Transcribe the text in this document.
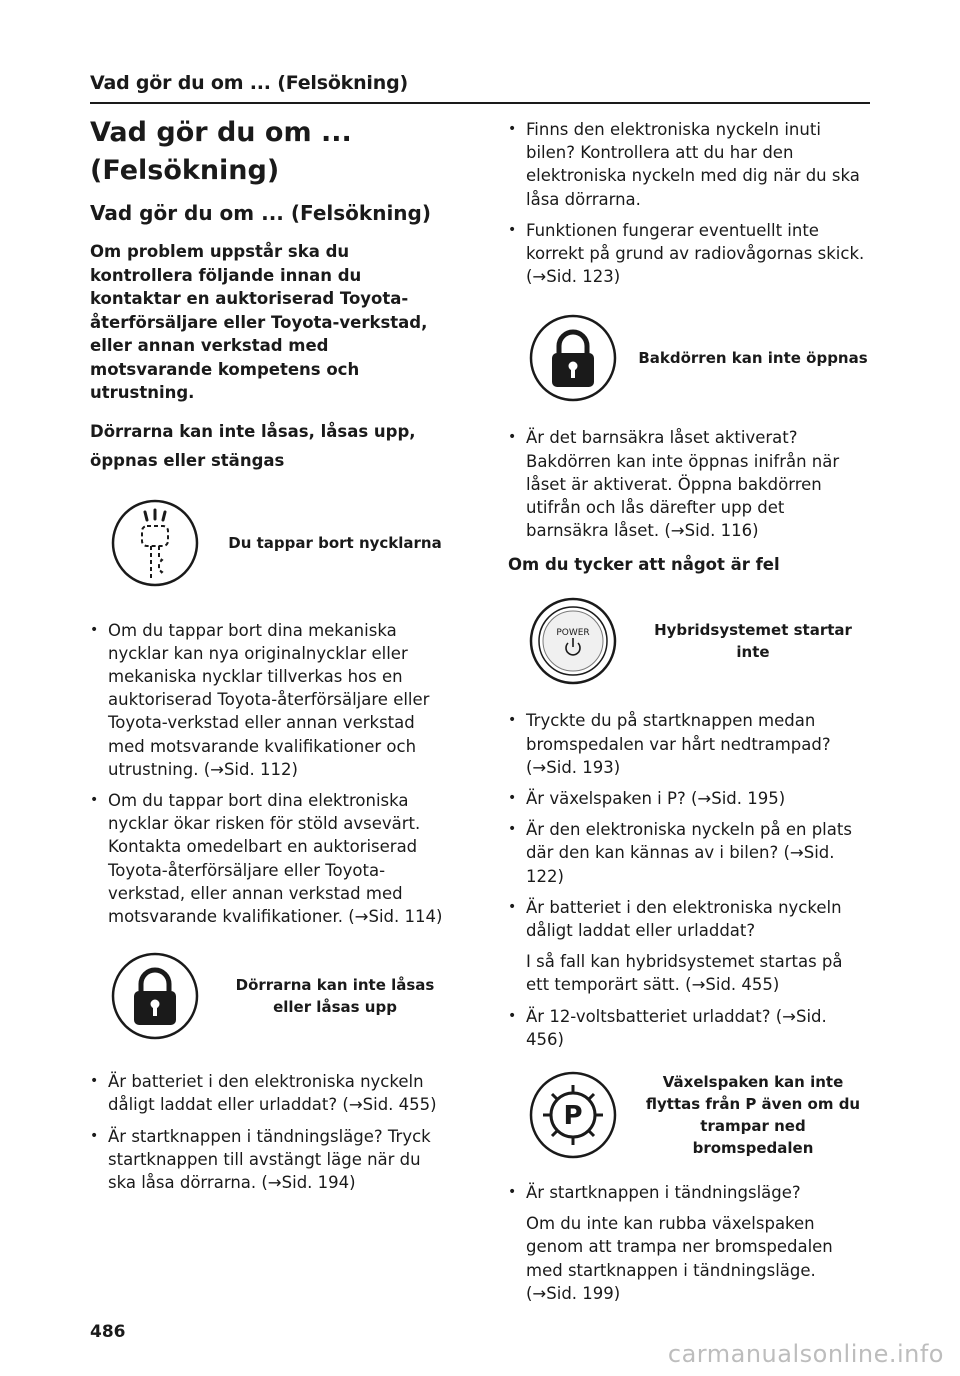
Vad gör du om ... (Felsökning)
Vad gör du om ...
(Felsökning)
Vad gör du om ... (Felsökning)
Om problem uppstår ska du kontrollera följande innan du kontaktar en auktoriserad Toyota-återförsäljare eller Toyota-verkstad, eller annan verkstad med motsvarande kompetens och utrustning.
Dörrarna kan inte låsas, låsas upp,
öppnas eller stängas
Du tappar bort nycklarna
• Om du tappar bort dina mekaniska nycklar kan nya originalnycklar eller mekaniska nycklar tillverkas hos en auktoriserad Toyota-återförsäljare eller Toyota-verkstad eller annan verkstad med motsvarande kvalifikationer och utrustning. (→Sid. 112)
• Om du tappar bort dina elektroniska nycklar ökar risken för stöld avsevärt. Kontakta omedelbart en auktoriserad Toyota-återförsäljare eller Toyota-verkstad, eller annan verkstad med motsvarande kvalifikationer. (→Sid. 114)
Dörrarna kan inte låsas eller låsas upp
• Är batteriet i den elektroniska nyckeln dåligt laddat eller urladdat? (→Sid. 455)
• Är startknappen i tändningsläge? Tryck startknappen till avstängt läge när du ska låsa dörrarna. (→Sid. 194)
• Finns den elektroniska nyckeln inuti bilen? Kontrollera att du har den elektroniska nyckeln med dig när du ska låsa dörrarna.
• Funktionen fungerar eventuellt inte korrekt på grund av radiovågornas skick. (→Sid. 123)
Bakdörren kan inte öppnas
• Är det barnsäkra låset aktiverat? Bakdörren kan inte öppnas inifrån när låset är aktiverat. Öppna bakdörren utifrån och lås därefter upp det barnsäkra låset. (→Sid. 116)
Om du tycker att något är fel
POWER	Hybridsystemet startar inte
• Tryckte du på startknappen medan bromspedalen var hårt nedtrampad? (→Sid. 193)
• Är växelspaken i P? (→Sid. 195)
• Är den elektroniska nyckeln på en plats där den kan kännas av i bilen? (→Sid. 122)
• Är batteriet i den elektroniska nyckeln dåligt laddat eller urladdat?
I så fall kan hybridsystemet startas på ett temporärt sätt. (→Sid. 455)
• Är 12-voltsbatteriet urladdat? (→Sid. 456)
P
Växelspaken kan inte flyttas från P även om du trampar ned bromspedalen
• Är startknappen i tändningsläge?
Om du inte kan rubba växelspaken genom att trampa ner bromspedalen med startknappen i tändningsläge. (→Sid. 199)
486
carmanualsonline.info
